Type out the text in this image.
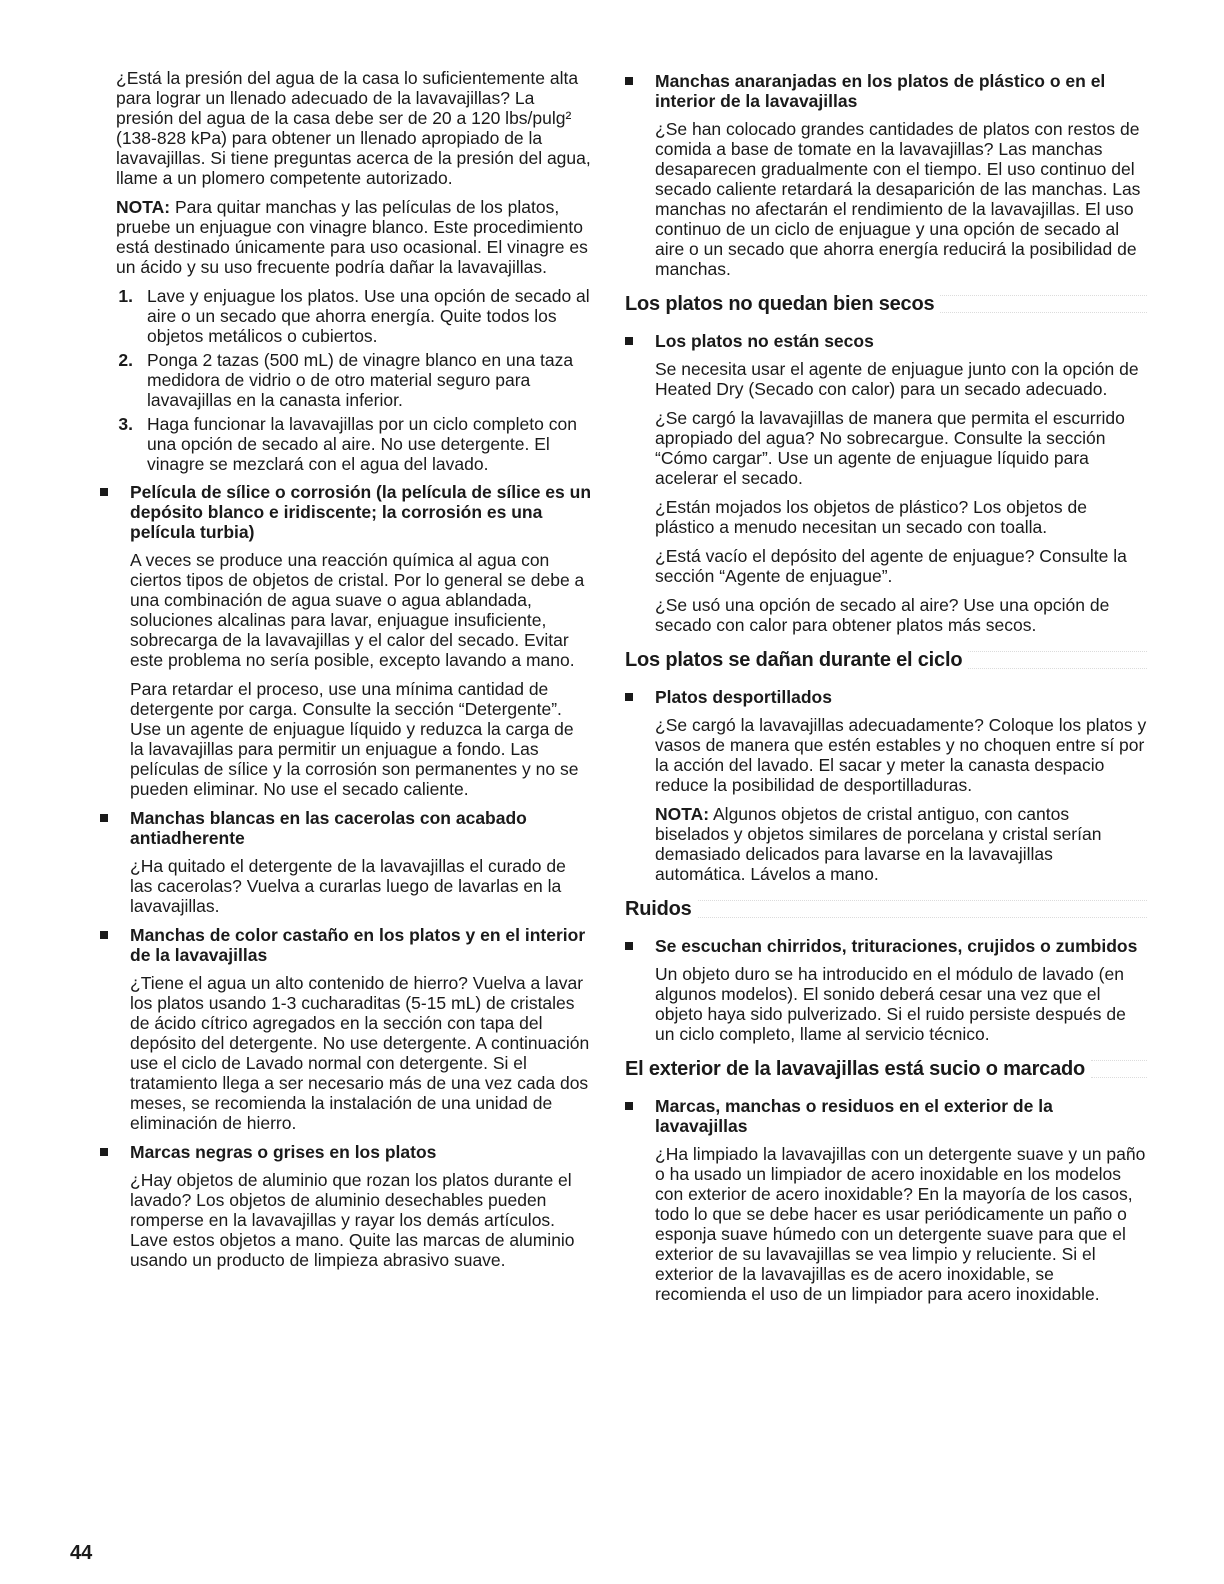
¿Está la presión del agua de la casa lo suficientemente alta para lograr un llenado adecuado de la lavavajillas? La presión del agua de la casa debe ser de 20 a 120 lbs/pulg² (138-828 kPa) para obtener un llenado apropiado de la lavavajillas. Si tiene preguntas acerca de la presión del agua, llame a un plomero competente autorizado.

NOTA: Para quitar manchas y las películas de los platos, pruebe un enjuague con vinagre blanco. Este procedimiento está destinado únicamente para uso ocasional. El vinagre es un ácido y su uso frecuente podría dañar la lavavajillas.

1. Lave y enjuague los platos. Use una opción de secado al aire o un secado que ahorra energía. Quite todos los objetos metálicos o cubiertos.
2. Ponga 2 tazas (500 mL) de vinagre blanco en una taza medidora de vidrio o de otro material seguro para lavavajillas en la canasta inferior.
3. Haga funcionar la lavavajillas por un ciclo completo con una opción de secado al aire. No use detergente. El vinagre se mezclará con el agua del lavado.
Película de sílice o corrosión (la película de sílice es un depósito blanco e iridiscente; la corrosión es una película turbia)

A veces se produce una reacción química al agua con ciertos tipos de objetos de cristal. Por lo general se debe a una combinación de agua suave o agua ablandada, soluciones alcalinas para lavar, enjuague insuficiente, sobrecarga de la lavavajillas y el calor del secado. Evitar este problema no sería posible, excepto lavando a mano.

Para retardar el proceso, use una mínima cantidad de detergente por carga. Consulte la sección “Detergente”. Use un agente de enjuague líquido y reduzca la carga de la lavavajillas para permitir un enjuague a fondo. Las películas de sílice y la corrosión son permanentes y no se pueden eliminar. No use el secado caliente.

Manchas blancas en las cacerolas con acabado antiadherente

¿Ha quitado el detergente de la lavavajillas el curado de las cacerolas? Vuelva a curarlas luego de lavarlas en la lavavajillas.

Manchas de color castaño en los platos y en el interior de la lavavajillas

¿Tiene el agua un alto contenido de hierro? Vuelva a lavar los platos usando 1-3 cucharaditas (5-15 mL) de cristales de ácido cítrico agregados en la sección con tapa del depósito del detergente. No use detergente. A continuación use el ciclo de Lavado normal con detergente. Si el tratamiento llega a ser necesario más de una vez cada dos meses, se recomienda la instalación de una unidad de eliminación de hierro.

Marcas negras o grises en los platos

¿Hay objetos de aluminio que rozan los platos durante el lavado? Los objetos de aluminio desechables pueden romperse en la lavavajillas y rayar los demás artículos. Lave estos objetos a mano. Quite las marcas de aluminio usando un producto de limpieza abrasivo suave.

Manchas anaranjadas en los platos de plástico o en el interior de la lavavajillas

¿Se han colocado grandes cantidades de platos con restos de comida a base de tomate en la lavavajillas? Las manchas desaparecen gradualmente con el tiempo. El uso continuo del secado caliente retardará la desaparición de las manchas. Las manchas no afectarán el rendimiento de la lavavajillas. El uso continuo de un ciclo de enjuague y una opción de secado al aire o un secado que ahorra energía reducirá la posibilidad de manchas.

Los platos no quedan bien secos
Los platos no están secos

Se necesita usar el agente de enjuague junto con la opción de Heated Dry (Secado con calor) para un secado adecuado.

¿Se cargó la lavavajillas de manera que permita el escurrido apropiado del agua? No sobrecargue. Consulte la sección “Cómo cargar”. Use un agente de enjuague líquido para acelerar el secado.

¿Están mojados los objetos de plástico? Los objetos de plástico a menudo necesitan un secado con toalla.

¿Está vacío el depósito del agente de enjuague? Consulte la sección “Agente de enjuague”.

¿Se usó una opción de secado al aire? Use una opción de secado con calor para obtener platos más secos.

Los platos se dañan durante el ciclo
Platos desportillados

¿Se cargó la lavavajillas adecuadamente? Coloque los platos y vasos de manera que estén estables y no choquen entre sí por la acción del lavado. El sacar y meter la canasta despacio reduce la posibilidad de desportilladuras.

NOTA: Algunos objetos de cristal antiguo, con cantos biselados y objetos similares de porcelana y cristal serían demasiado delicados para lavarse en la lavavajillas automática. Lávelos a mano.

Ruidos
Se escuchan chirridos, trituraciones, crujidos o zumbidos

Un objeto duro se ha introducido en el módulo de lavado (en algunos modelos). El sonido deberá cesar una vez que el objeto haya sido pulverizado. Si el ruido persiste después de un ciclo completo, llame al servicio técnico.

El exterior de la lavavajillas está sucio o marcado
Marcas, manchas o residuos en el exterior de la lavavajillas

¿Ha limpiado la lavavajillas con un detergente suave y un paño o ha usado un limpiador de acero inoxidable en los modelos con exterior de acero inoxidable? En la mayoría de los casos, todo lo que se debe hacer es usar periódicamente un paño o esponja suave húmedo con un detergente suave para que el exterior de su lavavajillas se vea limpio y reluciente. Si el exterior de la lavavajillas es de acero inoxidable, se recomienda el uso de un limpiador para acero inoxidable.

44
